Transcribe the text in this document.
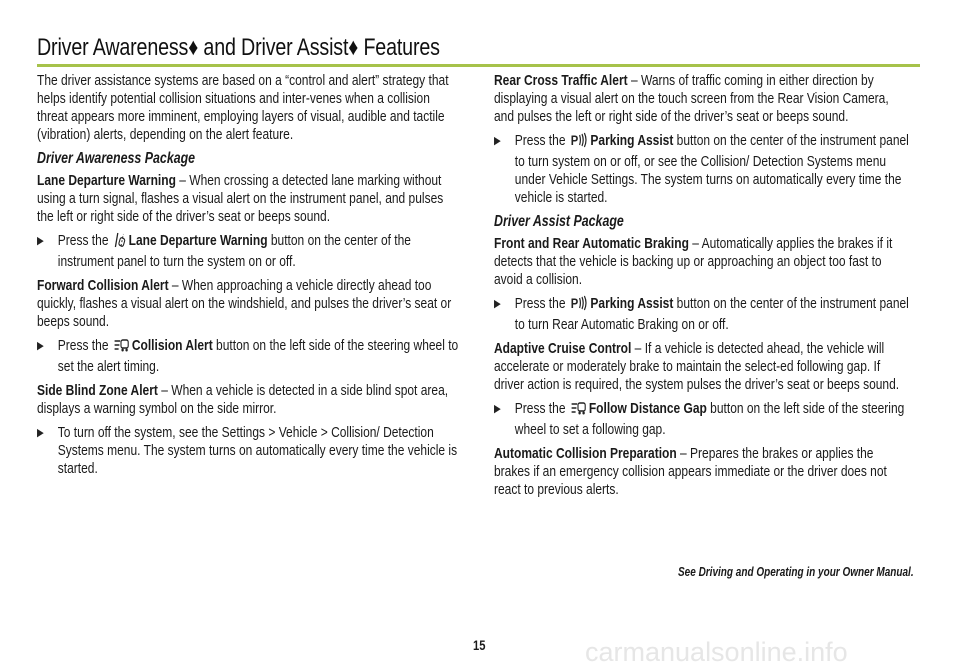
Driver Awareness♦ and Driver Assist♦ Features

The driver assistance systems are based on a “control and alert” strategy that helps identify potential collision situations and inter-venes when a collision threat appears more imminent, employing layers of visual, audible and tactile (vibration) alerts, depending on the alert feature.

Driver Awareness Package

Lane Departure Warning – When crossing a detected lane marking without using a turn signal, flashes a visual alert on the instrument panel, and pulses the left or right side of the driver’s seat or beeps sound.

▶ Press the Lane Departure Warning button on the center of the instrument panel to turn the system on or off.

Forward Collision Alert – When approaching a vehicle directly ahead too quickly, flashes a visual alert on the windshield, and pulses the driver’s seat or beeps sound.

▶ Press the Collision Alert button on the left side of the steering wheel to set the alert timing.

Side Blind Zone Alert – When a vehicle is detected in a side blind spot area, displays a warning symbol on the side mirror.

▶ To turn off the system, see the Settings > Vehicle > Collision/ Detection Systems menu. The system turns on automatically every time the vehicle is started.

Rear Cross Traffic Alert – Warns of traffic coming in either direction by displaying a visual alert on the touch screen from the Rear Vision Camera, and pulses the left or right side of the driver’s seat or beeps sound.

▶ Press the P Parking Assist button on the center of the instrument panel to turn system on or off, or see the Collision/ Detection Systems menu under Vehicle Settings. The system turns on automatically every time the vehicle is started.

Driver Assist Package

Front and Rear Automatic Braking – Automatically applies the brakes if it detects that the vehicle is backing up or approaching an object too fast to avoid a collision.

▶ Press the P Parking Assist button on the center of the instrument panel to turn Rear Automatic Braking on or off.

Adaptive Cruise Control – If a vehicle is detected ahead, the vehicle will accelerate or moderately brake to maintain the select-ed following gap. If driver action is required, the system pulses the driver’s seat or beeps sound.

▶ Press the Follow Distance Gap button on the left side of the steering wheel to set a following gap.

Automatic Collision Preparation – Prepares the brakes or applies the brakes if an emergency collision appears immediate or the driver does not react to previous alerts.

See Driving and Operating in your Owner Manual.
15	carmanualsonline.info
